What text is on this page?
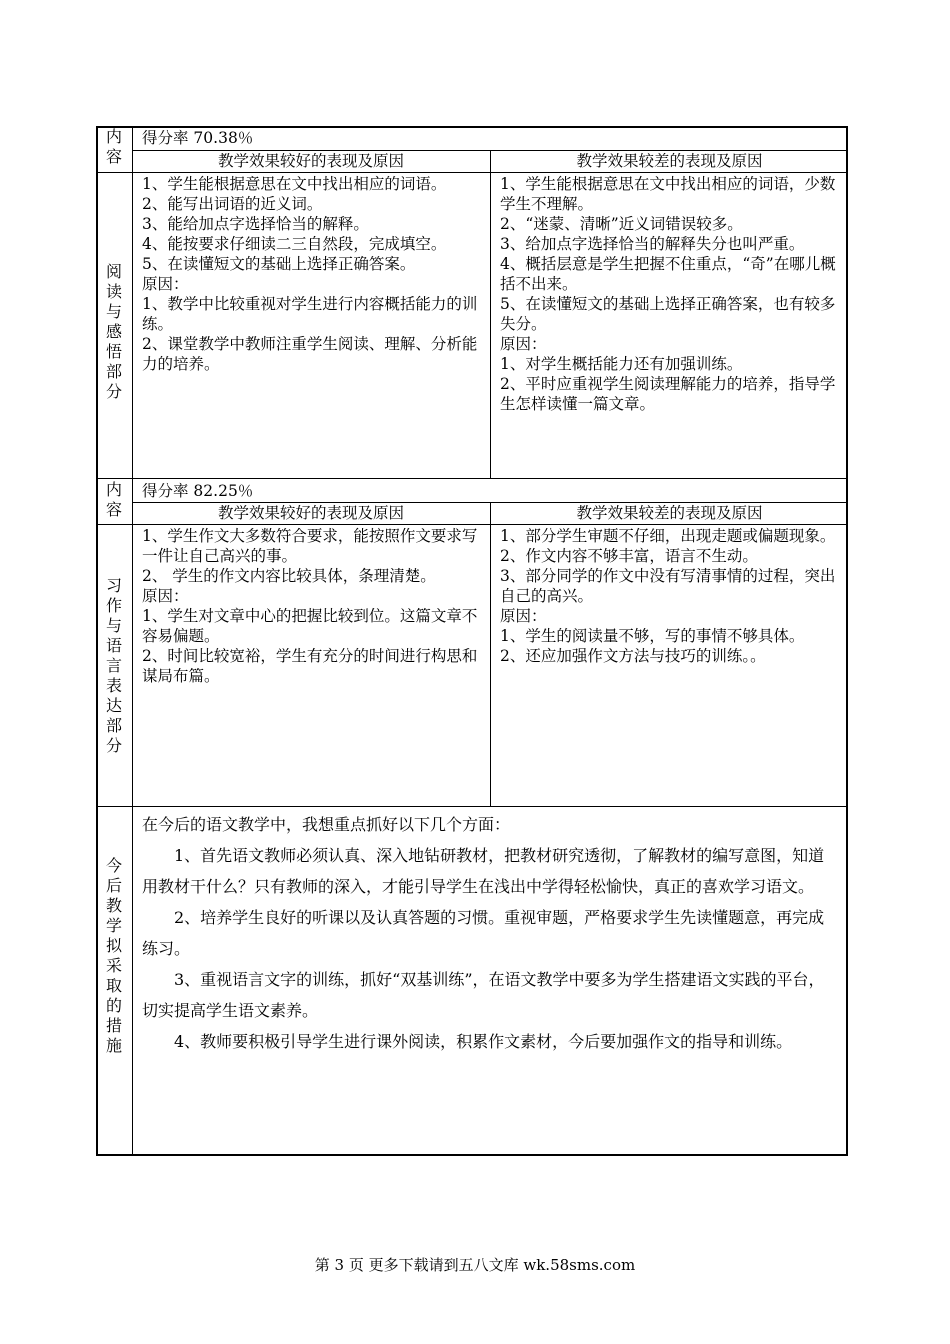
内
容
得分率 70.38％
教学效果较好的表现及原因	教学效果较差的表现及原因
阅
读
与
感
悟
部
分

1、学生能根据意思在文中找出相应的词语。

2、能写出词语的近义词。

3、能给加点字选择恰当的解释。

4、能按要求仔细读二三自然段，完成填空。

5、在读懂短文的基础上选择正确答案。

原因：

1、教学中比较重视对学生进行内容概括能力的训练。

2、课堂教学中教师注重学生阅读、理解、分析能力的培养。

1、学生能根据意思在文中找出相应的词语，少数学生不理解。

2、“迷蒙、清晰”近义词错误较多。

3、给加点字选择恰当的解释失分也叫严重。

4、概括层意是学生把握不住重点，“奇”在哪儿概括不出来。

5、在读懂短文的基础上选择正确答案，也有较多失分。

原因：

1、对学生概括能力还有加强训练。

2、平时应重视学生阅读理解能力的培养，指导学生怎样读懂一篇文章。

内
容
得分率 82.25％
教学效果较好的表现及原因	教学效果较差的表现及原因
习
作
与
语
言
表
达
部
分

1、学生作文大多数符合要求，能按照作文要求写一件让自己高兴的事。

2、 学生的作文内容比较具体，条理清楚。

原因：

1、学生对文章中心的把握比较到位。这篇文章不容易偏题。

2、时间比较宽裕，学生有充分的时间进行构思和谋局布篇。

1、部分学生审题不仔细，出现走题或偏题现象。

2、作文内容不够丰富，语言不生动。

3、部分同学的作文中没有写清事情的过程，突出自己的高兴。

原因：

1、学生的阅读量不够，写的事情不够具体。

2、还应加强作文方法与技巧的训练。。

今
后
教
学
拟
采
取
的
措
施

在今后的语文教学中，我想重点抓好以下几个方面：

1、首先语文教师必须认真、深入地钻研教材，把教材研究透彻，了解教材的编写意图，知道用教材干什么？只有教师的深入，才能引导学生在浅出中学得轻松愉快，真正的喜欢学习语文。

2、培养学生良好的听课以及认真答题的习惯。重视审题，严格要求学生先读懂题意，再完成练习。

3、重视语言文字的训练，抓好“双基训练”，在语文教学中要多为学生搭建语文实践的平台，切实提高学生语文素养。

4、教师要积极引导学生进行课外阅读，积累作文素材，今后要加强作文的指导和训练。

第 3 页 更多下载请到五八文库 wk.58sms.com
